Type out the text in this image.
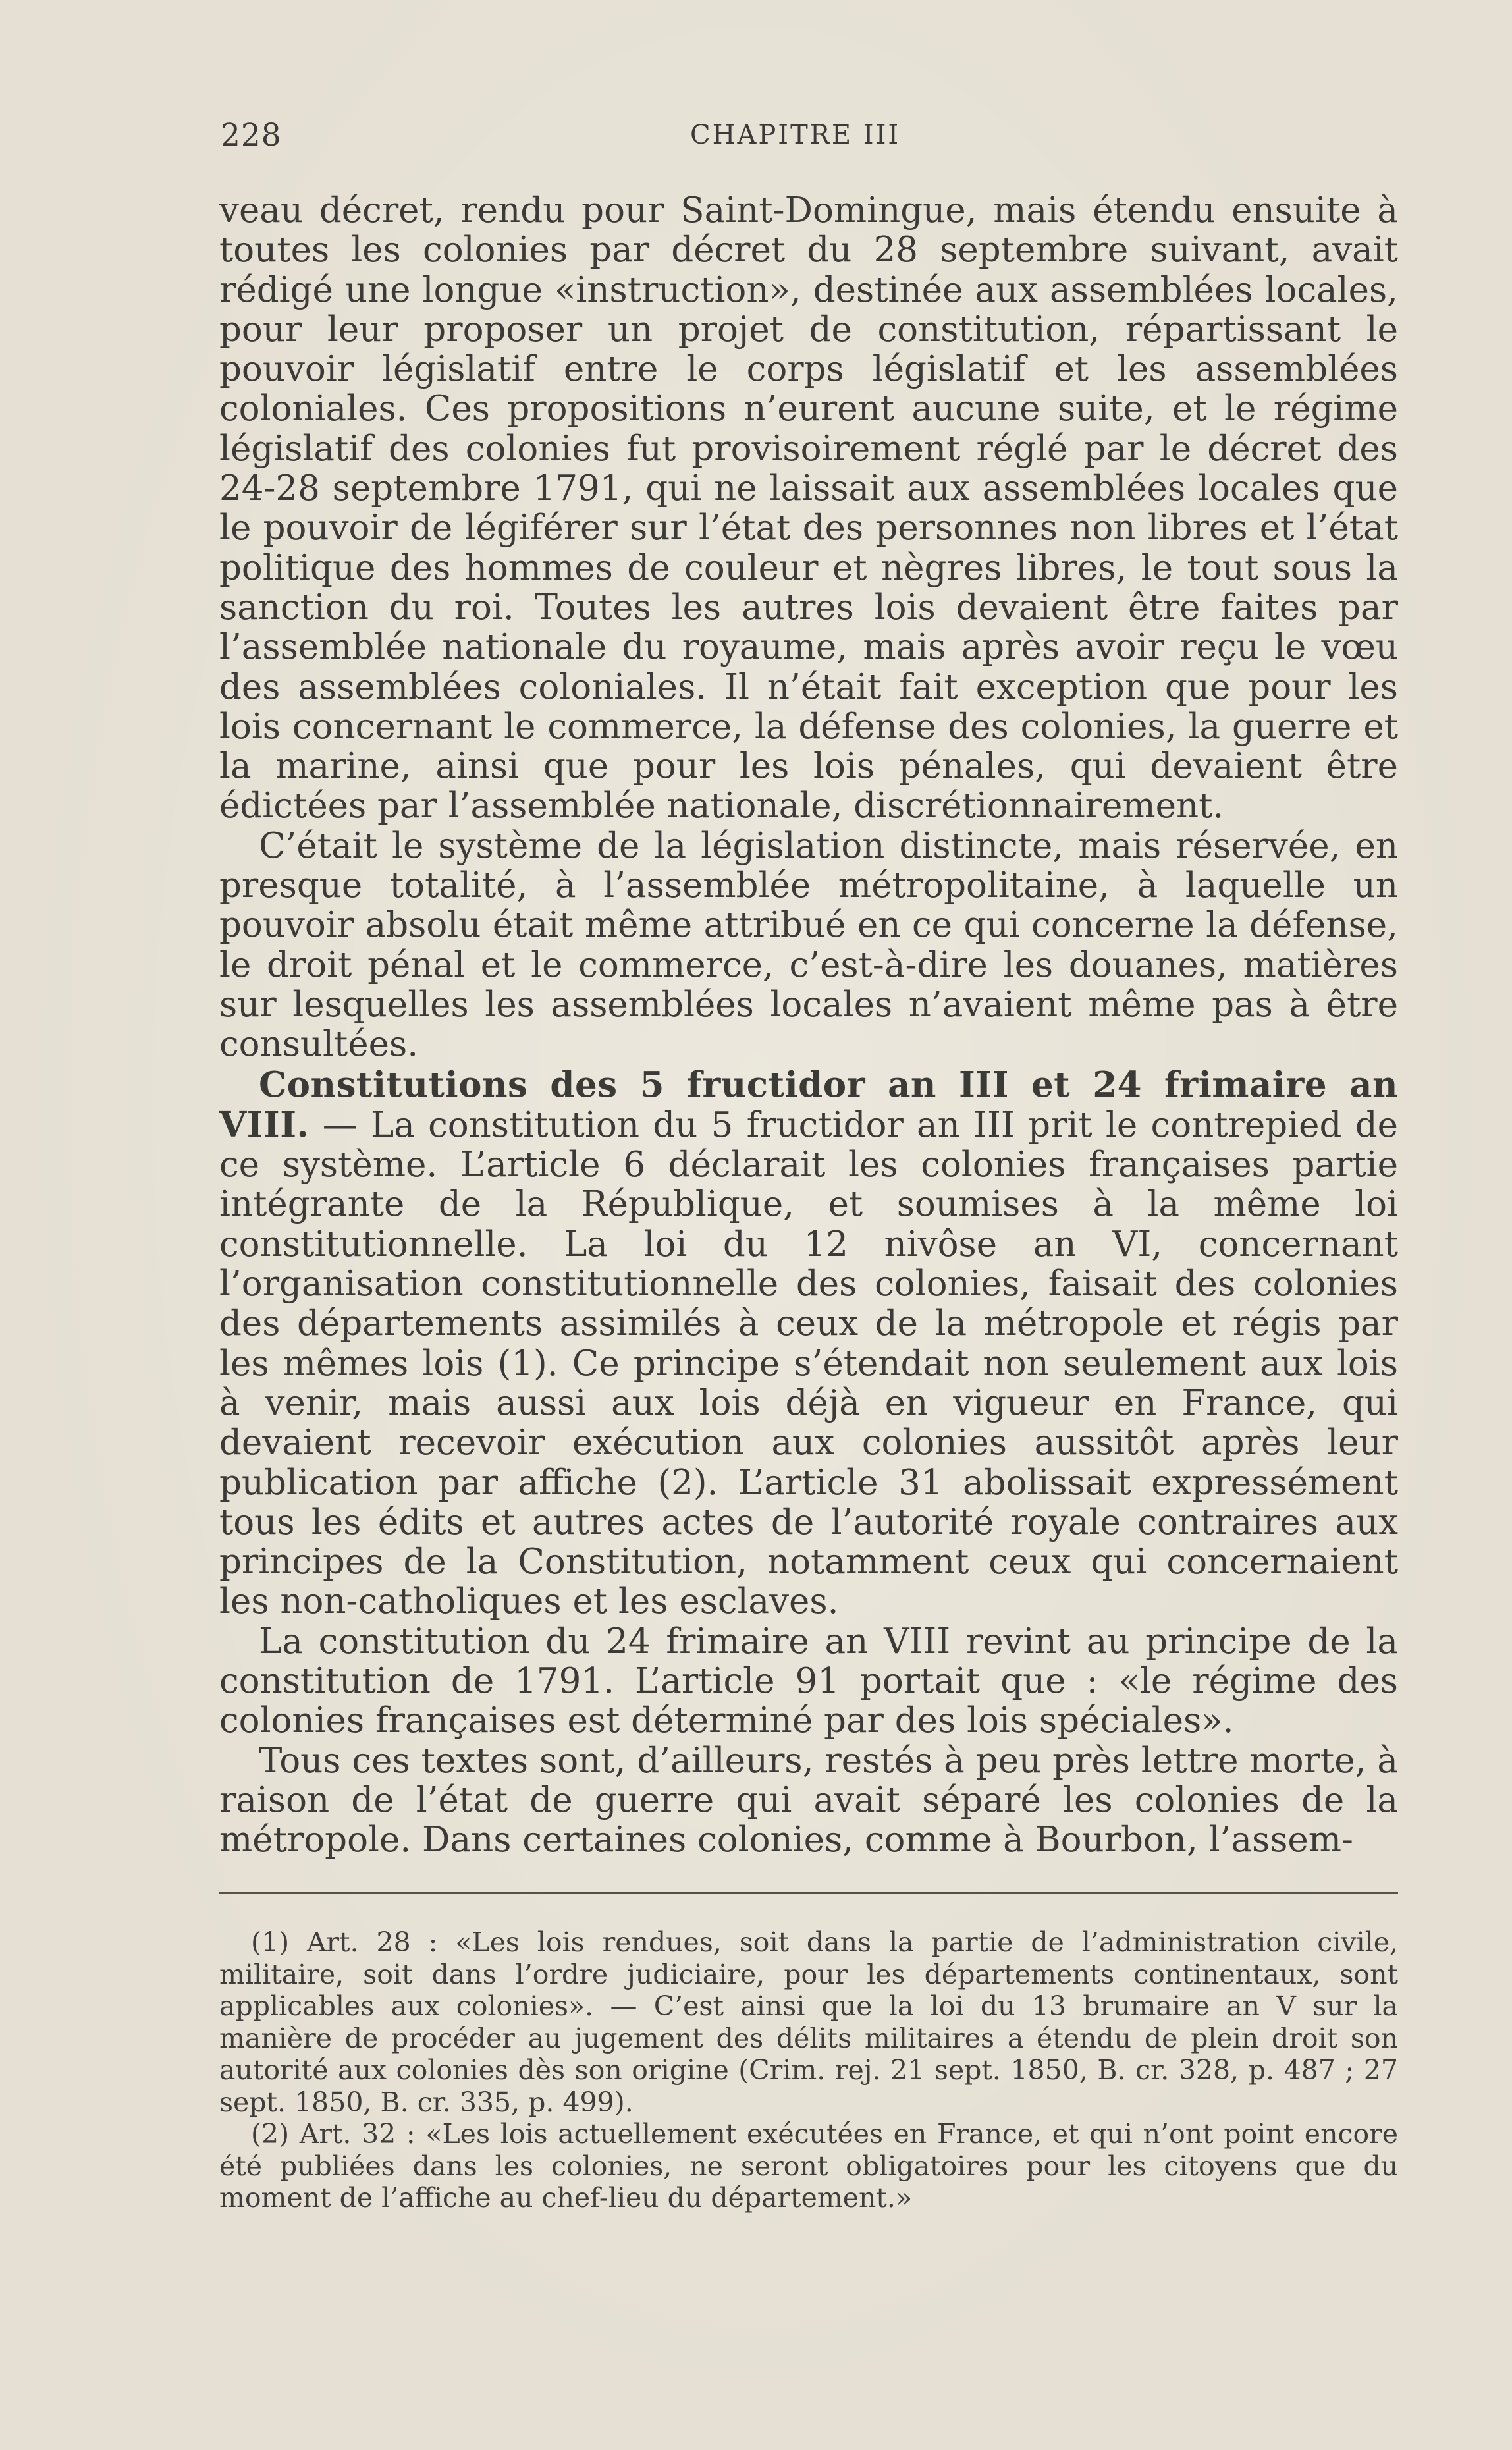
228	CHAPITRE III

veau décret, rendu pour Saint-Domingue, mais étendu ensuite à toutes les colonies par décret du 28 septembre suivant, avait rédigé une longue «instruction», destinée aux assemblées locales, pour leur proposer un projet de constitution, répartissant le pouvoir législatif entre le corps législatif et les assemblées coloniales. Ces propositions n’eurent aucune suite, et le régime législatif des colonies fut provisoirement réglé par le décret des 24-28 septembre 1791, qui ne laissait aux assemblées locales que le pouvoir de légiférer sur l’état des personnes non libres et l’état politique des hommes de couleur et nègres libres, le tout sous la sanction du roi. Toutes les autres lois devaient être faites par l’assemblée nationale du royaume, mais après avoir reçu le vœu des assemblées coloniales. Il n’était fait exception que pour les lois concernant le commerce, la défense des colonies, la guerre et la marine, ainsi que pour les lois pénales, qui devaient être édictées par l’assemblée nationale, discrétionnairement.

C’était le système de la législation distincte, mais réservée, en presque totalité, à l’assemblée métropolitaine, à laquelle un pouvoir absolu était même attribué en ce qui concerne la défense, le droit pénal et le commerce, c’est-à-dire les douanes, matières sur lesquelles les assemblées locales n’avaient même pas à être consultées.

Constitutions des 5 fructidor an III et 24 frimaire an VIII. — La constitution du 5 fructidor an III prit le contrepied de ce système. L’article 6 déclarait les colonies françaises partie intégrante de la République, et soumises à la même loi constitutionnelle. La loi du 12 nivôse an VI, concernant l’organisation constitutionnelle des colonies, faisait des colonies des départements assimilés à ceux de la métropole et régis par les mêmes lois (1). Ce principe s’étendait non seulement aux lois à venir, mais aussi aux lois déjà en vigueur en France, qui devaient recevoir exécution aux colonies aussitôt après leur publication par affiche (2). L’article 31 abolissait expressément tous les édits et autres actes de l’autorité royale contraires aux principes de la Constitution, notamment ceux qui concernaient les non-catholiques et les esclaves.

La constitution du 24 frimaire an VIII revint au principe de la constitution de 1791. L’article 91 portait que : «le régime des colonies françaises est déterminé par des lois spéciales».

Tous ces textes sont, d’ailleurs, restés à peu près lettre morte, à raison de l’état de guerre qui avait séparé les colonies de la métropole. Dans certaines colonies, comme à Bourbon, l’assem-

(1) Art. 28 : «Les lois rendues, soit dans la partie de l’administration civile, militaire, soit dans l’ordre judiciaire, pour les départements continentaux, sont applicables aux colonies». — C’est ainsi que la loi du 13 brumaire an V sur la manière de procéder au jugement des délits militaires a étendu de plein droit son autorité aux colonies dès son origine (Crim. rej. 21 sept. 1850, B. cr. 328, p. 487 ; 27 sept. 1850, B. cr. 335, p. 499).

(2) Art. 32 : «Les lois actuellement exécutées en France, et qui n’ont point encore été publiées dans les colonies, ne seront obligatoires pour les citoyens que du moment de l’affiche au chef-lieu du département.»
